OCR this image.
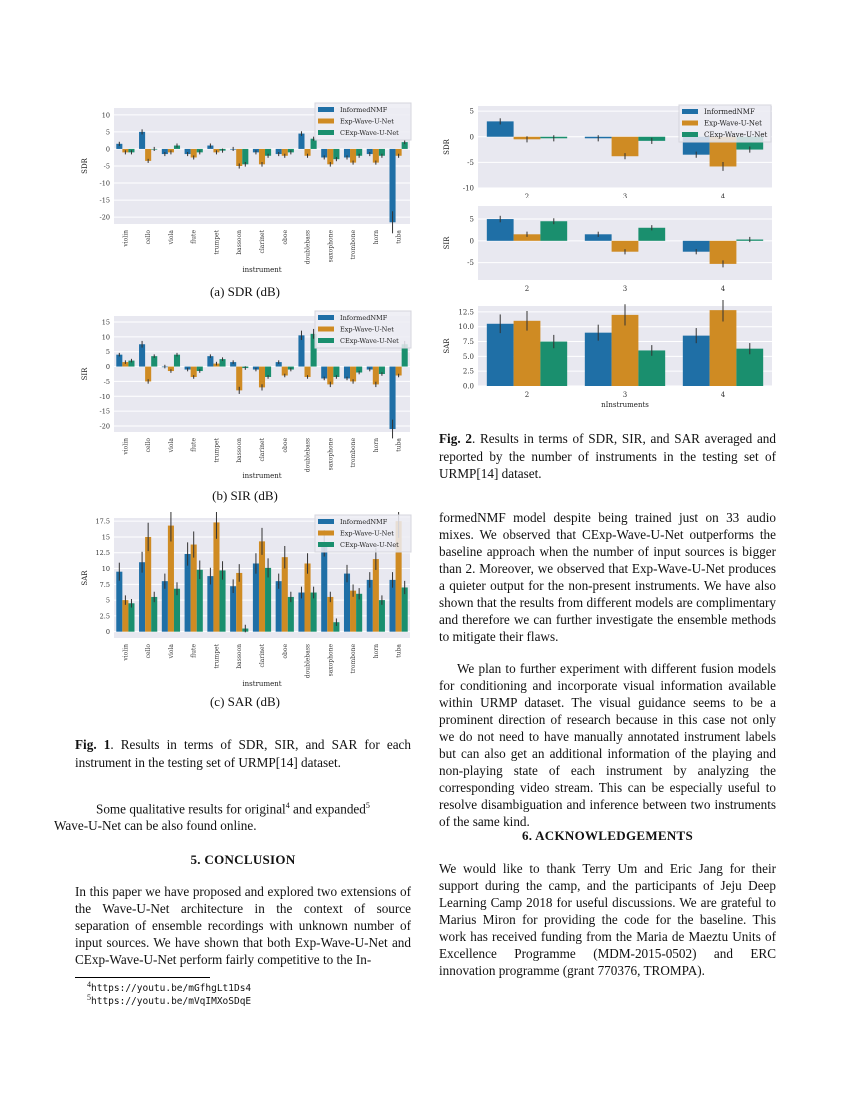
10
5
0
-5
-10
-15
-20
SDR
violin	cello	viola	flute	trumpet	bassoon	clarinet	oboe	doublebass	saxophone	trombone	horn	tuba
instrument
InformedNMF
Exp-Wave-U-Net
CExp-Wave-U-Net
(a) SDR (dB)
15
10
5
0
-5
-10
-15
-20
SIR
violin	cello	viola	flute	trumpet	bassoon	clarinet	oboe	doublebass	saxophone	trombone	horn	tuba
instrument
InformedNMF
Exp-Wave-U-Net
CExp-Wave-U-Net
(b) SIR (dB)
17.5
15
12.5
10
7.5
5
2.5
0
SAR
violin	cello	viola	flute	trumpet	bassoon	clarinet	oboe	doublebass	saxophone	trombone	horn	tuba
instrument
InformedNMF
Exp-Wave-U-Net
CExp-Wave-U-Net
(c) SAR (dB)
Fig. 1. Results in terms of SDR, SIR, and SAR for each instrument in the testing set of URMP[14] dataset.
5
0
-5
-10
SDR
2	3	4
InformedNMF
Exp-Wave-U-Net
CExp-Wave-U-Net
5
0
-5
SIR
2	3	4
12.5
10.0
7.5
5.0
2.5
0.0
SAR
2	3	4
nInstruments
Fig. 2. Results in terms of SDR, SIR, and SAR averaged and reported by the number of instruments in the testing set of URMP[14] dataset.
Some qualitative results for original$^4$ and expanded$^5$
Wave-U-Net can be also found online.
5. CONCLUSION
In this paper we have proposed and explored two extensions of the Wave-U-Net architecture in the context of source separation of ensemble recordings with unknown number of input sources. We have shown that both Exp-Wave-U-Net and CExp-Wave-U-Net perform fairly competitive to the In-
$^4$https://youtu.be/mGfhgLt1Ds4
$^5$https://youtu.be/mVqIMXoSDqE
formedNMF model despite being trained just on 33 audio mixes. We observed that CExp-Wave-U-Net outperforms the baseline approach when the number of input sources is bigger than 2. Moreover, we observed that Exp-Wave-U-Net produces a quieter output for the non-present instruments. We have also shown that the results from different models are complimentary and therefore we can further investigate the ensemble methods to mitigate their flaws.
We plan to further experiment with different fusion models for conditioning and incorporate visual information available within URMP dataset. The visual guidance seems to be a prominent direction of research because in this case not only we do not need to have manually annotated instrument labels but can also get an additional information of the playing and non-playing state of each instrument by analyzing the corresponding video stream. This can be especially useful to resolve disambiguation and inference between two instruments of the same kind.
6. ACKNOWLEDGEMENTS
We would like to thank Terry Um and Eric Jang for their support during the camp, and the participants of Jeju Deep Learning Camp 2018 for useful discussions. We are grateful to Marius Miron for providing the code for the baseline. This work has received funding from the Maria de Maeztu Units of Excellence Programme (MDM-2015-0502) and ERC innovation programme (grant 770376, TROMPA).
